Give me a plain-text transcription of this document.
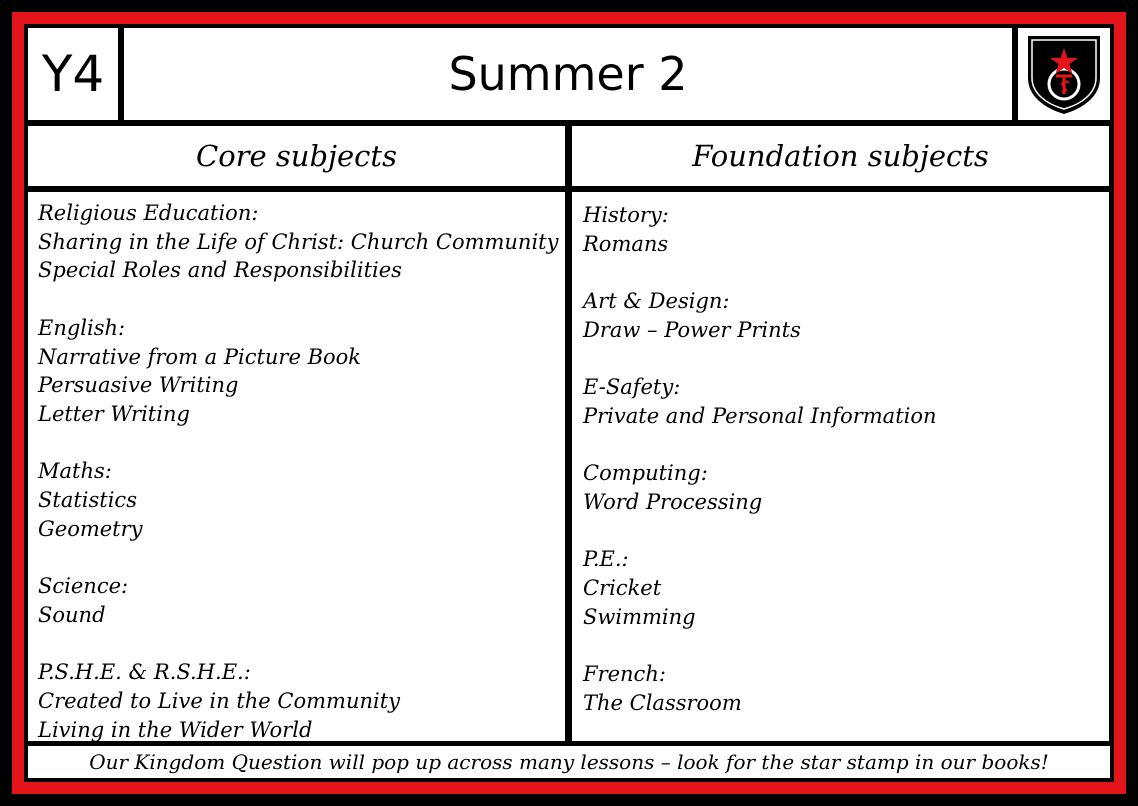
Y4	Summer 2
Core subjects	Foundation subjects
Religious Education:
Sharing in the Life of Christ: Church Community
Special Roles and Responsibilities
English:
Narrative from a Picture Book
Persuasive Writing
Letter Writing
Maths:
Statistics
Geometry
Science:
Sound
P.S.H.E. & R.S.H.E.:
Created to Live in the Community
Living in the Wider World
History:
Romans
Art & Design:
Draw – Power Prints
E-Safety:
Private and Personal Information
Computing:
Word Processing
P.E.:
Cricket
Swimming
French:
The Classroom
Our Kingdom Question will pop up across many lessons – look for the star stamp in our books!
